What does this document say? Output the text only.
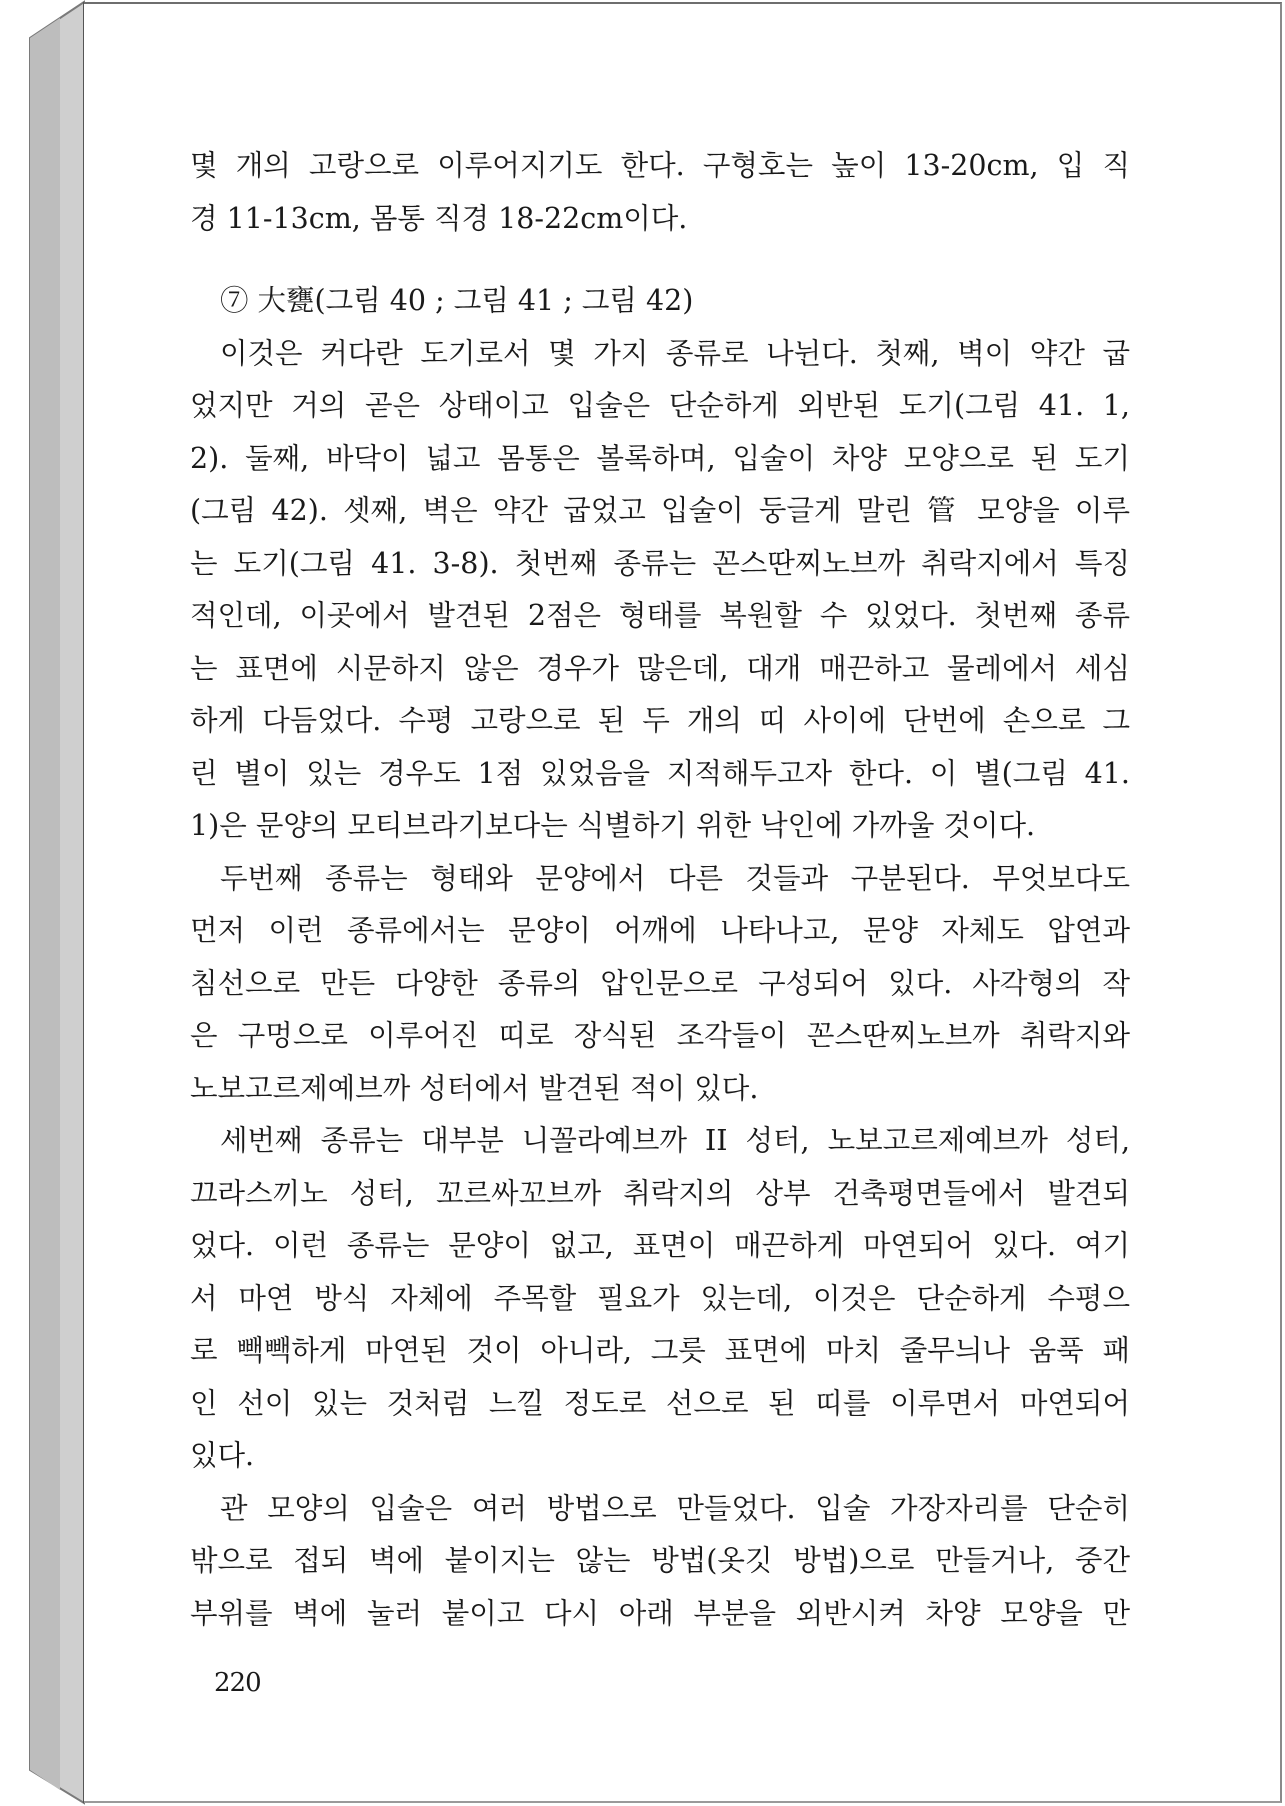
몇 개의 고랑으로 이루어지기도 한다. 구형호는 높이 13-20cm, 입 직
경 11-13cm, 몸통 직경 18-22cm이다.
⑦ 大甕(그림 40 ; 그림 41 ; 그림 42)
이것은 커다란 도기로서 몇 가지 종류로 나뉜다. 첫째, 벽이 약간 굽
었지만 거의 곧은 상태이고 입술은 단순하게 외반된 도기(그림 41. 1,
2). 둘째, 바닥이 넓고 몸통은 볼록하며, 입술이 차양 모양으로 된 도기
(그림 42). 셋째, 벽은 약간 굽었고 입술이 둥글게 말린 管 모양을 이루
는 도기(그림 41. 3-8). 첫번째 종류는 꼰스딴찌노브까 취락지에서 특징
적인데, 이곳에서 발견된 2점은 형태를 복원할 수 있었다. 첫번째 종류
는 표면에 시문하지 않은 경우가 많은데, 대개 매끈하고 물레에서 세심
하게 다듬었다. 수평 고랑으로 된 두 개의 띠 사이에 단번에 손으로 그
린 별이 있는 경우도 1점 있었음을 지적해두고자 한다. 이 별(그림 41.
1)은 문양의 모티브라기보다는 식별하기 위한 낙인에 가까울 것이다.
두번째 종류는 형태와 문양에서 다른 것들과 구분된다. 무엇보다도
먼저 이런 종류에서는 문양이 어깨에 나타나고, 문양 자체도 압연과
침선으로 만든 다양한 종류의 압인문으로 구성되어 있다. 사각형의 작
은 구멍으로 이루어진 띠로 장식된 조각들이 꼰스딴찌노브까 취락지와
노보고르제예브까 성터에서 발견된 적이 있다.
세번째 종류는 대부분 니꼴라예브까 II 성터, 노보고르제예브까 성터,
끄라스끼노 성터, 꼬르싸꼬브까 취락지의 상부 건축평면들에서 발견되
었다. 이런 종류는 문양이 없고, 표면이 매끈하게 마연되어 있다. 여기
서 마연 방식 자체에 주목할 필요가 있는데, 이것은 단순하게 수평으
로 빽빽하게 마연된 것이 아니라, 그릇 표면에 마치 줄무늬나 움푹 패
인 선이 있는 것처럼 느낄 정도로 선으로 된 띠를 이루면서 마연되어
있다.
관 모양의 입술은 여러 방법으로 만들었다. 입술 가장자리를 단순히
밖으로 접되 벽에 붙이지는 않는 방법(옷깃 방법)으로 만들거나, 중간
부위를 벽에 눌러 붙이고 다시 아래 부분을 외반시켜 차양 모양을 만
220
